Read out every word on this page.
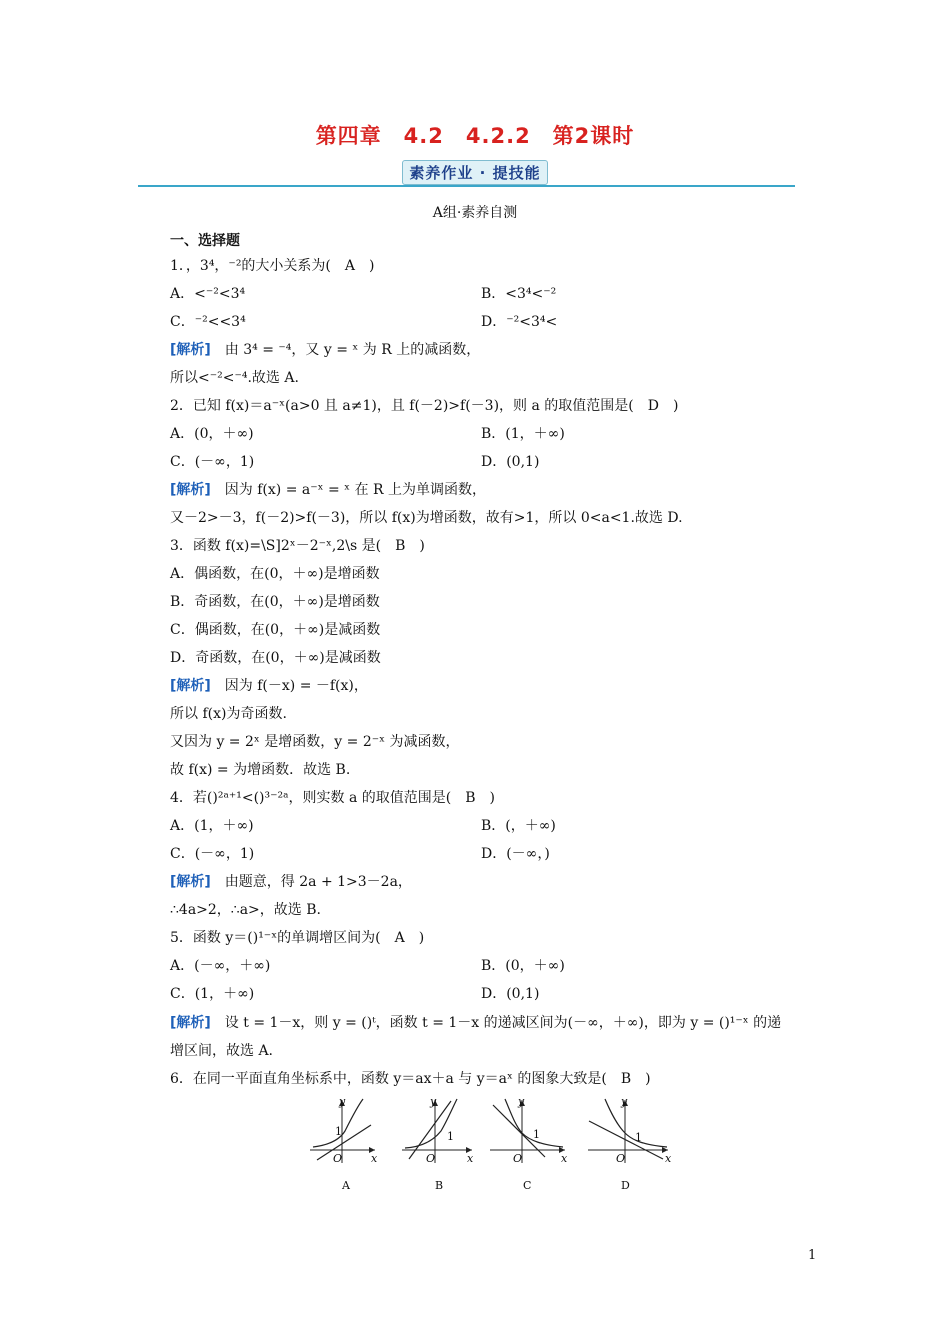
第四章　4.2　4.2.2　第2课时
素养作业 · 提技能
A组·素养自测
一、选择题
1．，3⁴，⁻²的大小关系为(　A　)
A．<⁻²<3⁴	B．<3⁴<⁻²
C．⁻²<<3⁴	D．⁻²<3⁴<
[解析]　 由 3⁴ = ⁻⁴，又 y = ˣ 为 R 上的减函数，
所以<⁻²<⁻⁴.故选 A.
2．已知 f(x)＝a⁻ˣ(a>0 且 a≠1)，且 f(－2)>f(－3)，则 a 的取值范围是(　D　)
A．(0，＋∞)	B．(1，＋∞)
C．(－∞，1)	D．(0,1)
[解析]　 因为 f(x) = a⁻ˣ = ˣ 在 R 上为单调函数，
又－2>－3，f(－2)>f(－3)，所以 f(x)为增函数，故有>1，所以 0<a<1.故选 D.
3．函数 f(x)=\S]2ˣ－2⁻ˣ,2\s 是(　B　)
A．偶函数，在(0，＋∞)是增函数
B．奇函数，在(0，＋∞)是增函数
C．偶函数，在(0，＋∞)是减函数
D．奇函数，在(0，＋∞)是减函数
[解析]　 因为 f(－x) = －f(x)，
所以 f(x)为奇函数.
又因为 y = 2ˣ 是增函数，y = 2⁻ˣ 为减函数，
故 f(x) = 为增函数．故选 B.
4．若()²ᵃ⁺¹<()³⁻²ᵃ，则实数 a 的取值范围是(　B　)
A．(1，＋∞)	B．(，＋∞)
C．(－∞，1)	D．(－∞，)
[解析]　 由题意，得 2a + 1>3－2a，
∴4a>2，∴a>，故选 B.
5．函数 y＝()¹⁻ˣ的单调增区间为(　A　)
A．(－∞，＋∞)	B．(0，＋∞)
C．(1，＋∞)	D．(0,1)
[解析]　 设 t = 1－x，则 y = ()ᵗ，函数 t = 1－x 的递减区间为(－∞，＋∞)，即为 y = ()¹⁻ˣ 的递
增区间，故选 A.
6．在同一平面直角坐标系中，函数 y＝ax＋a 与 y＝aˣ 的图象大致是(　B　)
y
x
O
1
A
y
x
O
1
B
y
x
O
1
C
y
x
O
1
D
1
